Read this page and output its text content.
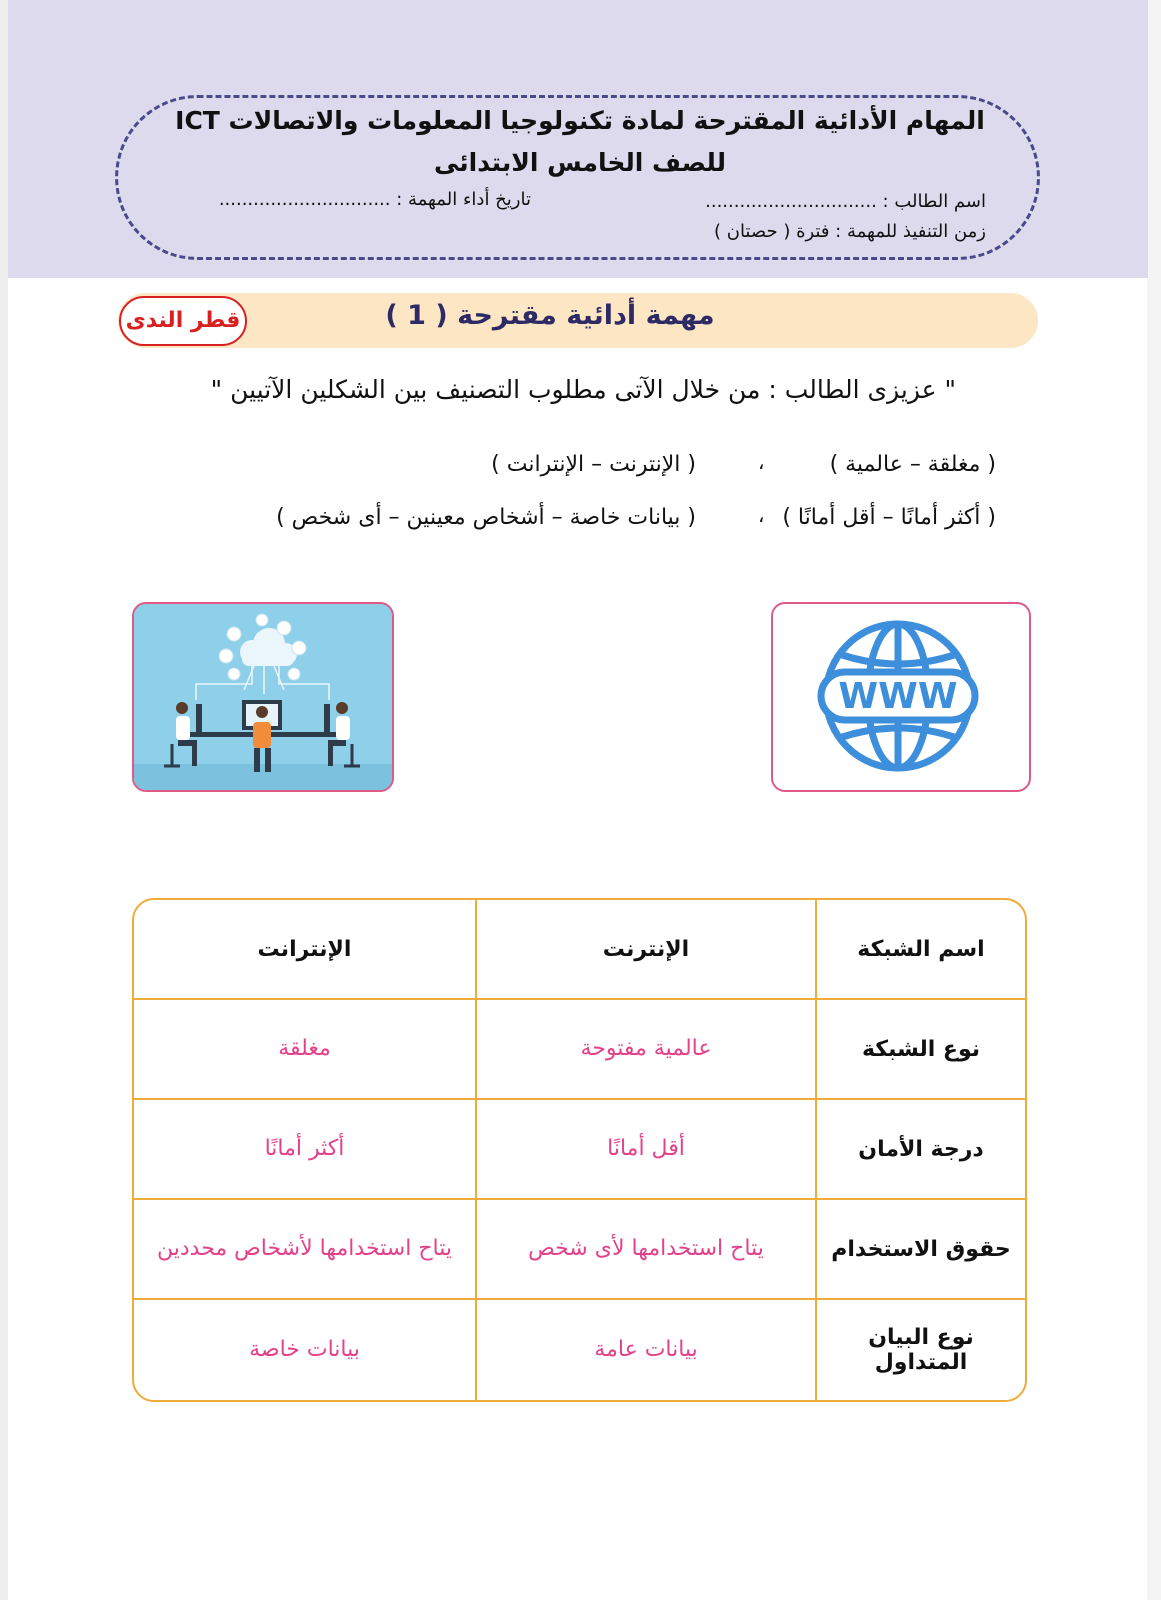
المهام الأدائية المقترحة لمادة تكنولوجيا المعلومات والاتصالات ICT
للصف الخامس الابتدائى
اسم الطالب : ..............................
تاريخ أداء المهمة : ..............................
زمن التنفيذ للمهمة : فترة ( حصتان )
مهمة أدائية مقترحة ( 1 )
قطر الندى
" عزيزى الطالب : من خلال الآتى مطلوب التصنيف بين الشكلين الآتيين "
( مغلقة – عالمية )
،
( الإنترنت – الإنترانت )
( أكثر أمانًا – أقل أمانًا )
،
( بيانات خاصة – أشخاص معينين – أى شخص )
WWW
اسم الشبكة	الإنترنت	الإنترانت
نوع الشبكة	عالمية مفتوحة	مغلقة
درجة الأمان	أقل أمانًا	أكثر أمانًا
حقوق الاستخدام	يتاح استخدامها لأى شخص	يتاح استخدامها لأشخاص محددين
نوع البيان المتداول	بيانات عامة	بيانات خاصة
